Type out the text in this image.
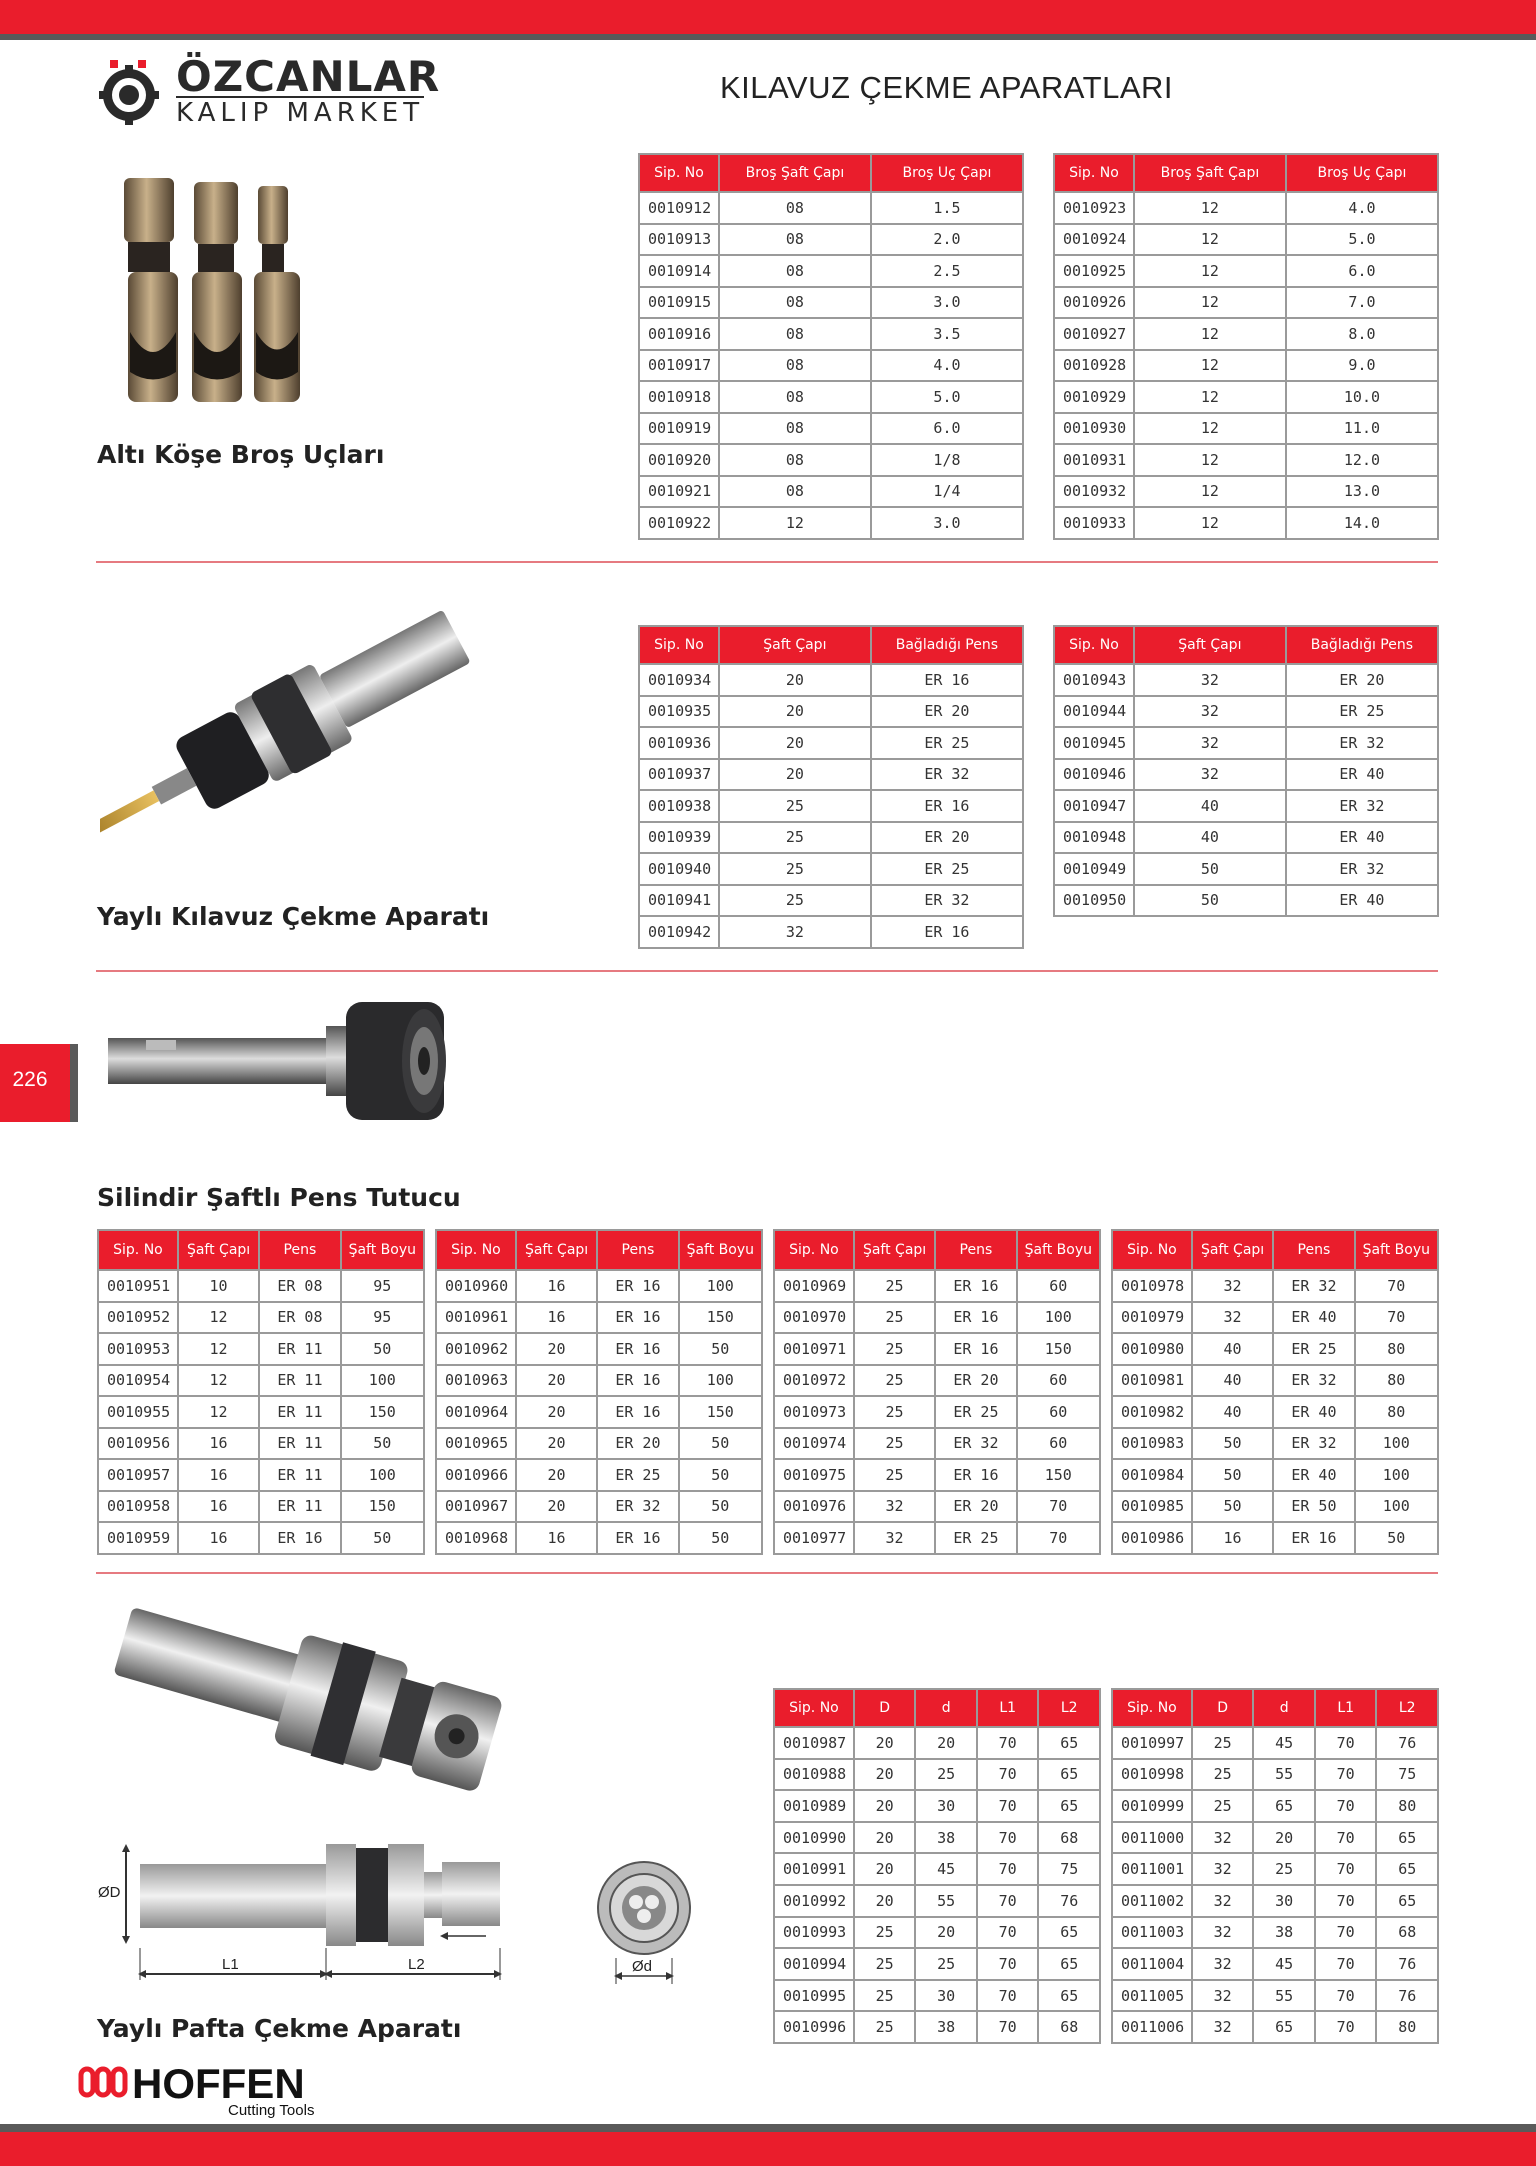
ÖZCANLAR
KALIP MARKET
KILAVUZ ÇEKME APARATLARI
226
Altı Köşe Broş Uçları
Sip. No	Broş Şaft Çapı	Broş Uç Çapı
0010912	08	1.5
0010913	08	2.0
0010914	08	2.5
0010915	08	3.0
0010916	08	3.5
0010917	08	4.0
0010918	08	5.0
0010919	08	6.0
0010920	08	1/8
0010921	08	1/4
0010922	12	3.0
Sip. No	Broş Şaft Çapı	Broş Uç Çapı
0010923	12	4.0
0010924	12	5.0
0010925	12	6.0
0010926	12	7.0
0010927	12	8.0
0010928	12	9.0
0010929	12	10.0
0010930	12	11.0
0010931	12	12.0
0010932	12	13.0
0010933	12	14.0
Yaylı Kılavuz Çekme Aparatı
Sip. No	Şaft Çapı	Bağladığı Pens
0010934	20	ER 16
0010935	20	ER 20
0010936	20	ER 25
0010937	20	ER 32
0010938	25	ER 16
0010939	25	ER 20
0010940	25	ER 25
0010941	25	ER 32
0010942	32	ER 16
Sip. No	Şaft Çapı	Bağladığı Pens
0010943	32	ER 20
0010944	32	ER 25
0010945	32	ER 32
0010946	32	ER 40
0010947	40	ER 32
0010948	40	ER 40
0010949	50	ER 32
0010950	50	ER 40
Silindir Şaftlı Pens Tutucu
Sip. No	Şaft Çapı	Pens	Şaft Boyu
0010951	10	ER 08	95
0010952	12	ER 08	95
0010953	12	ER 11	50
0010954	12	ER 11	100
0010955	12	ER 11	150
0010956	16	ER 11	50
0010957	16	ER 11	100
0010958	16	ER 11	150
0010959	16	ER 16	50
Sip. No	Şaft Çapı	Pens	Şaft Boyu
0010960	16	ER 16	100
0010961	16	ER 16	150
0010962	20	ER 16	50
0010963	20	ER 16	100
0010964	20	ER 16	150
0010965	20	ER 20	50
0010966	20	ER 25	50
0010967	20	ER 32	50
0010968	16	ER 16	50
Sip. No	Şaft Çapı	Pens	Şaft Boyu
0010969	25	ER 16	60
0010970	25	ER 16	100
0010971	25	ER 16	150
0010972	25	ER 20	60
0010973	25	ER 25	60
0010974	25	ER 32	60
0010975	25	ER 16	150
0010976	32	ER 20	70
0010977	32	ER 25	70
Sip. No	Şaft Çapı	Pens	Şaft Boyu
0010978	32	ER 32	70
0010979	32	ER 40	70
0010980	40	ER 25	80
0010981	40	ER 32	80
0010982	40	ER 40	80
0010983	50	ER 32	100
0010984	50	ER 40	100
0010985	50	ER 50	100
0010986	16	ER 16	50
ØD
L1	L2	Ød
Yaylı Pafta Çekme Aparatı
Sip. No	D	d	L1	L2
0010987	20	20	70	65
0010988	20	25	70	65
0010989	20	30	70	65
0010990	20	38	70	68
0010991	20	45	70	75
0010992	20	55	70	76
0010993	25	20	70	65
0010994	25	25	70	65
0010995	25	30	70	65
0010996	25	38	70	68
Sip. No	D	d	L1	L2
0010997	25	45	70	76
0010998	25	55	70	75
0010999	25	65	70	80
0011000	32	20	70	65
0011001	32	25	70	65
0011002	32	30	70	65
0011003	32	38	70	68
0011004	32	45	70	76
0011005	32	55	70	76
0011006	32	65	70	80
HOFFEN
Cutting Tools
